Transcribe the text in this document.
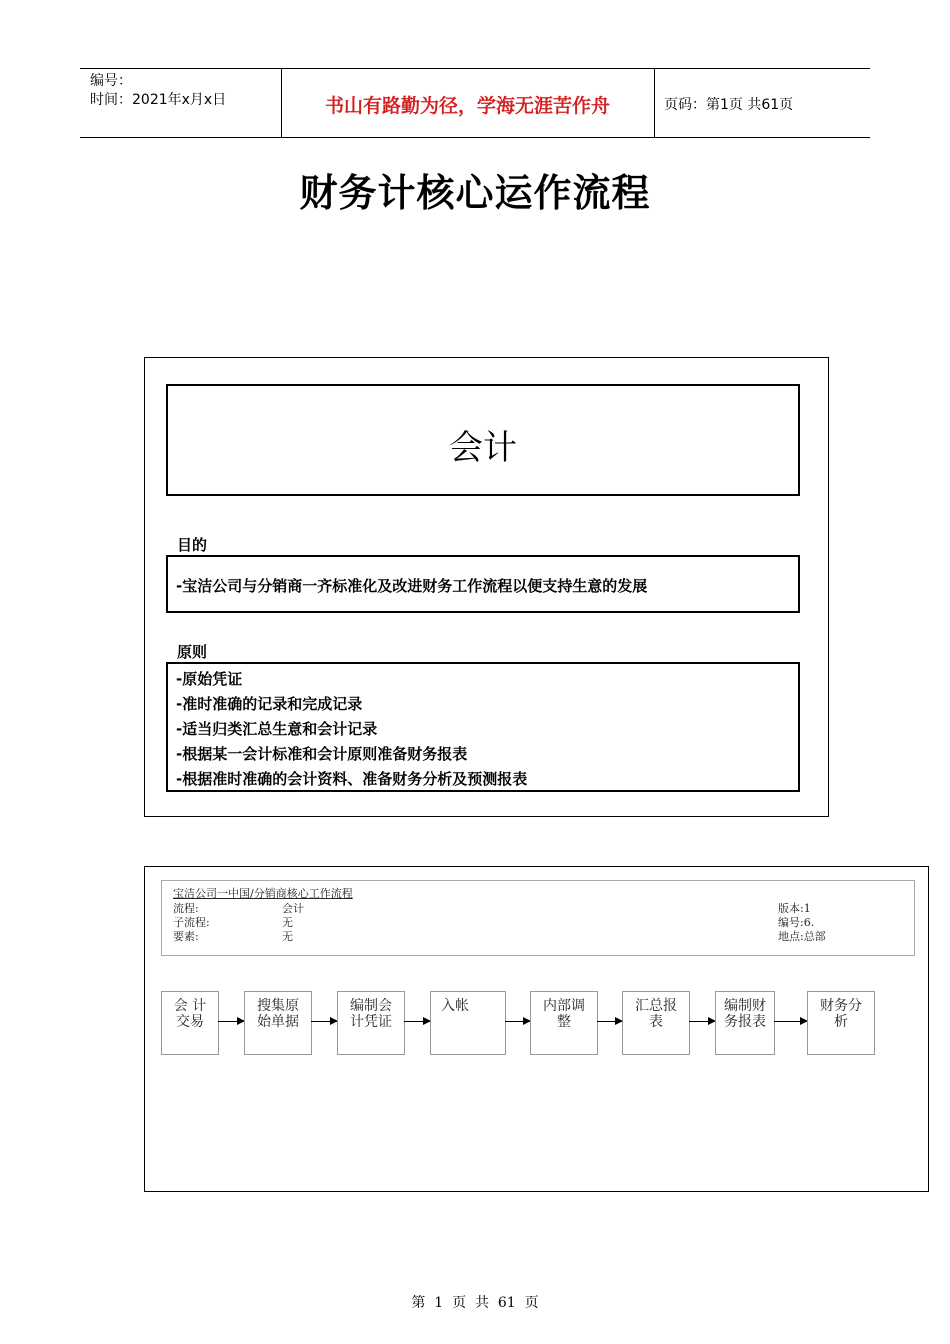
编号：
时间：2021年x月x日	书山有路勤为径，学海无涯苦作舟	页码：第1页 共61页
财务计核心运作流程
会计
目的
-宝洁公司与分销商一齐标准化及改进财务工作流程以便支持生意的发展
原则
-原始凭证
-准时准确的记录和完成记录
-适当归类汇总生意和会计记录
-根据某一会计标准和会计原则准备财务报表
-根据准时准确的会计资料、准备财务分析及预测报表
宝洁公司一中国/分销商核心工作流程
流程:	会计
子流程:	无
要素:	无
版本:1
编号:6.
地点:总部
会 计 交易
搜集原始单据
编制会计凭证
入帐	内部调整
汇总报表
编制财务报表
财务分析
第  1  页  共  61  页
